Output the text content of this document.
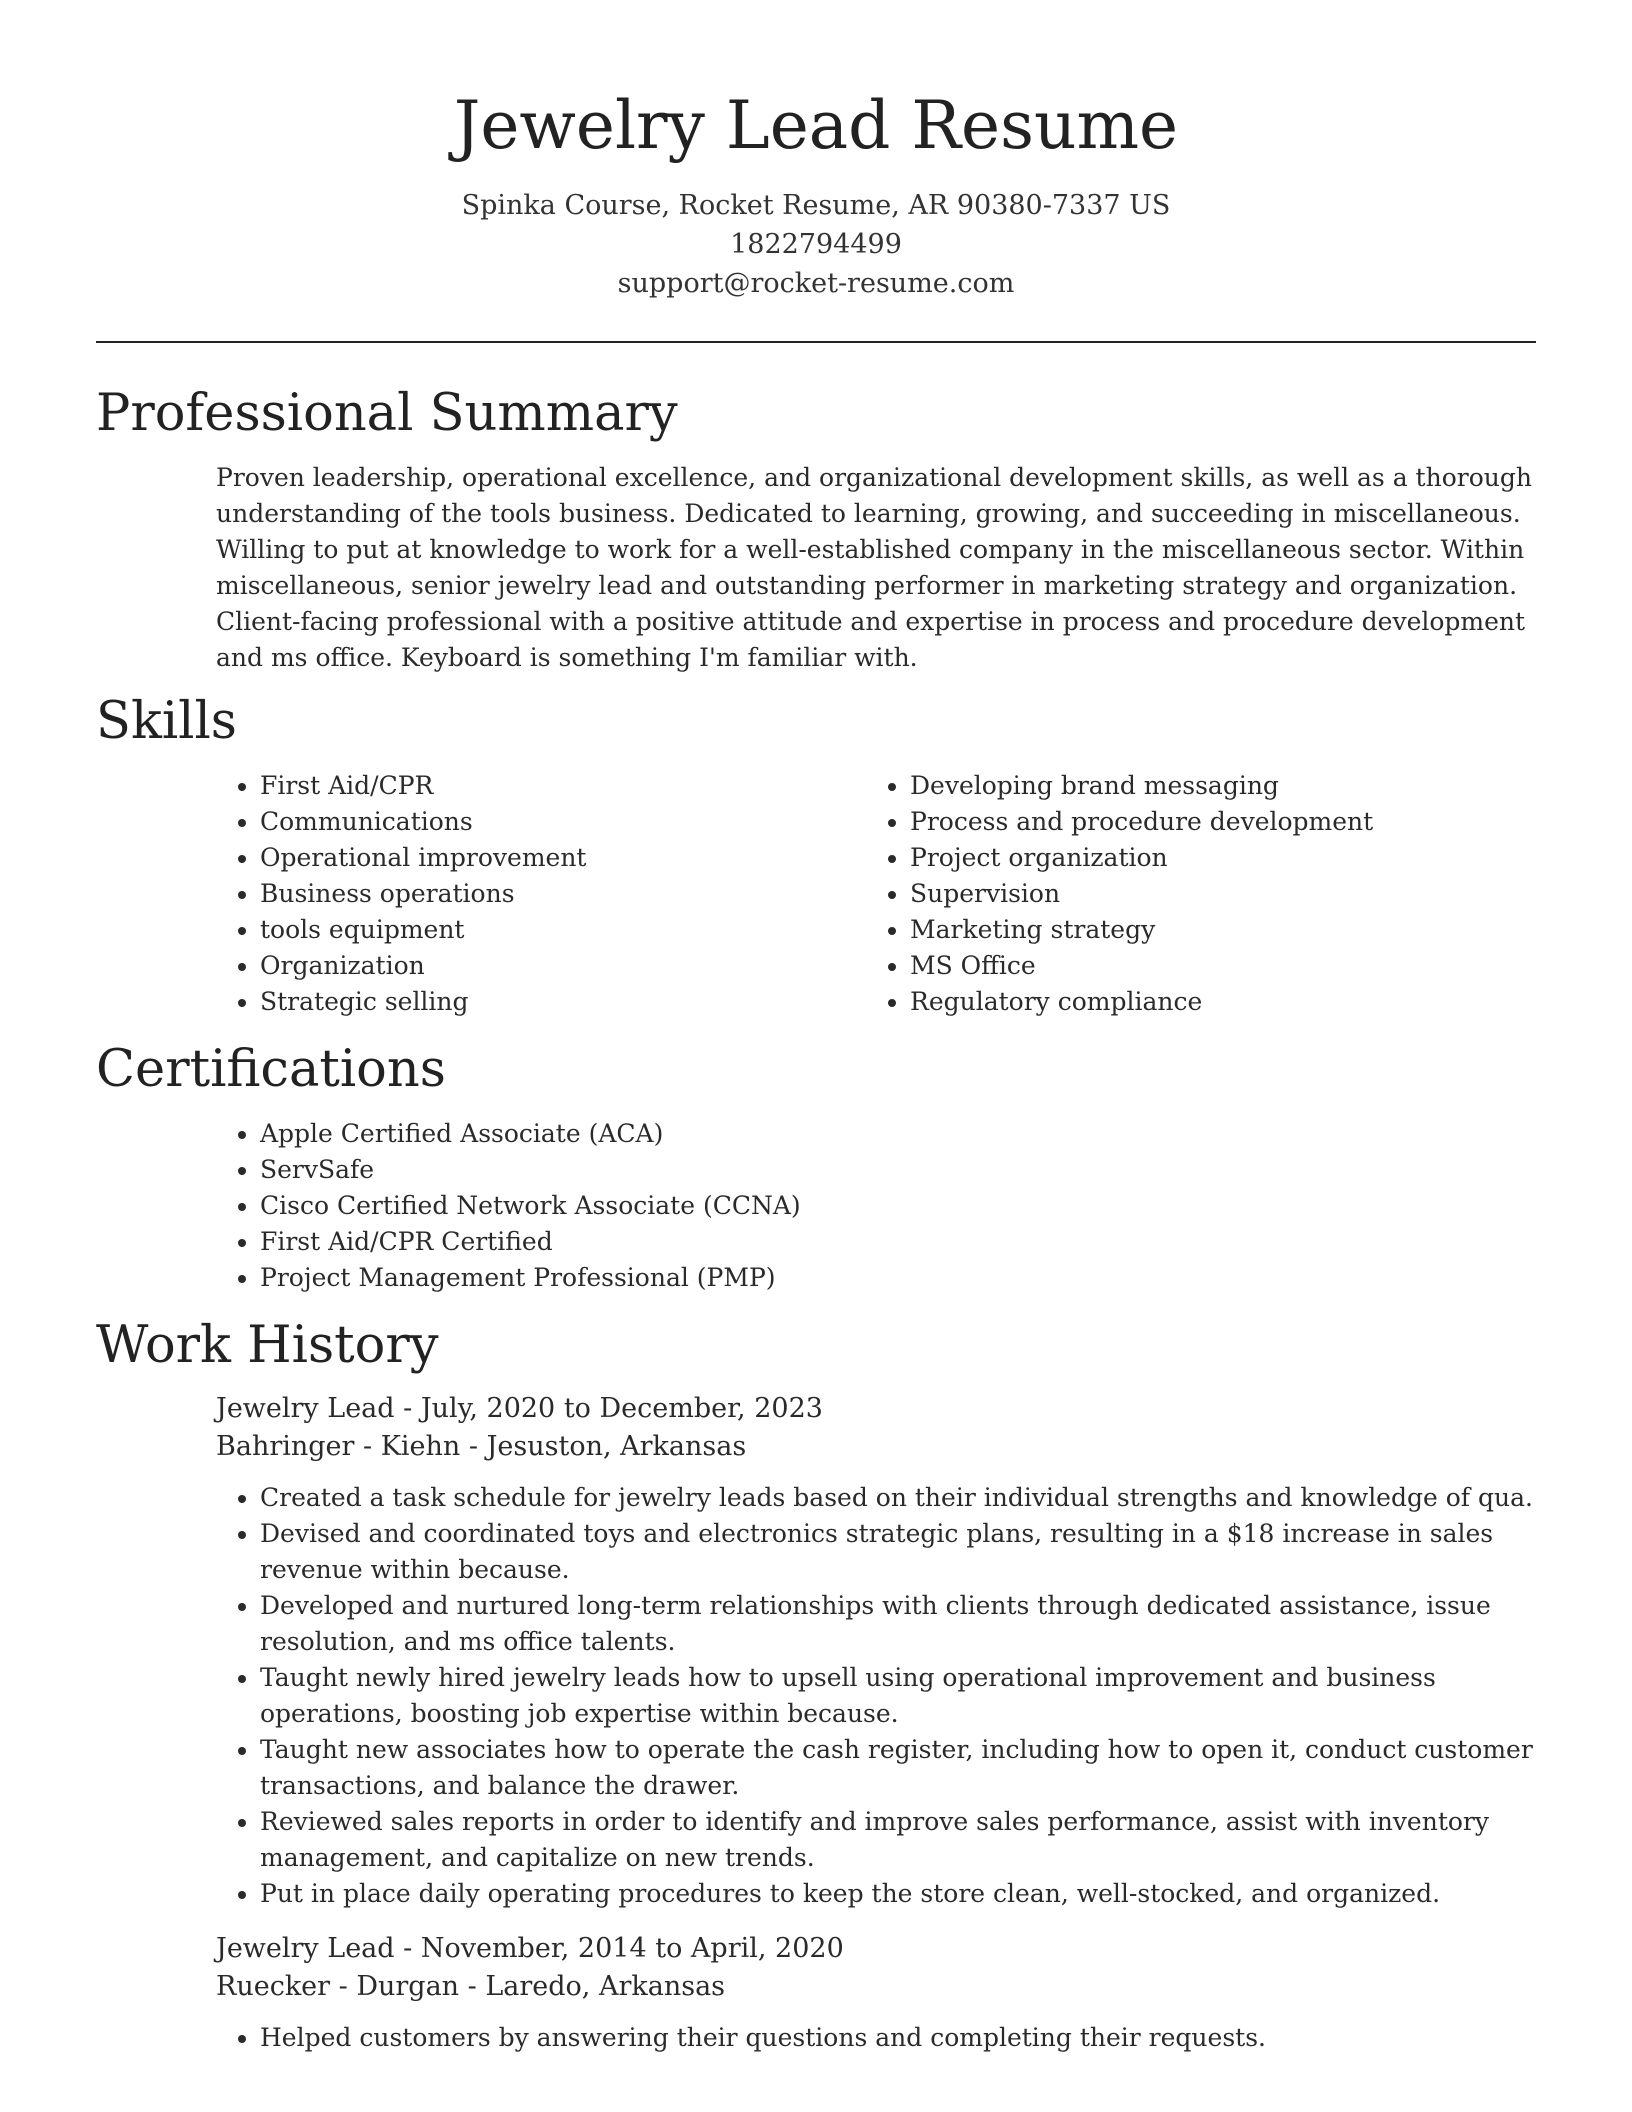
Jewelry Lead Resume
Spinka Course, Rocket Resume, AR 90380-7337 US
1822794499
support@rocket-resume.com
Professional Summary

Proven leadership, operational excellence, and organizational development skills, as well as a thorough understanding of the tools business. Dedicated to learning, growing, and succeeding in miscellaneous. Willing to put at knowledge to work for a well-established company in the miscellaneous sector. Within miscellaneous, senior jewelry lead and outstanding performer in marketing strategy and organization. Client-facing professional with a positive attitude and expertise in process and procedure development and ms office. Keyboard is something I'm familiar with.

Skills
• First Aid/CPR
• Communications
• Operational improvement
• Business operations
• tools equipment
• Organization
• Strategic selling
• Developing brand messaging
• Process and procedure development
• Project organization
• Supervision
• Marketing strategy
• MS Office
• Regulatory compliance
Certifications
• Apple Certified Associate (ACA)
• ServSafe
• Cisco Certified Network Associate (CCNA)
• First Aid/CPR Certified
• Project Management Professional (PMP)
Work History
Jewelry Lead - July, 2020 to December, 2023
Bahringer - Kiehn - Jesuston, Arkansas
• Created a task schedule for jewelry leads based on their individual strengths and knowledge of qua.
• Devised and coordinated toys and electronics strategic plans, resulting in a $18 increase in sales revenue within because.
• Developed and nurtured long-term relationships with clients through dedicated assistance, issue resolution, and ms office talents.
• Taught newly hired jewelry leads how to upsell using operational improvement and business operations, boosting job expertise within because.
• Taught new associates how to operate the cash register, including how to open it, conduct customer transactions, and balance the drawer.
• Reviewed sales reports in order to identify and improve sales performance, assist with inventory management, and capitalize on new trends.
• Put in place daily operating procedures to keep the store clean, well-stocked, and organized.
Jewelry Lead - November, 2014 to April, 2020
Ruecker - Durgan - Laredo, Arkansas
• Helped customers by answering their questions and completing their requests.
